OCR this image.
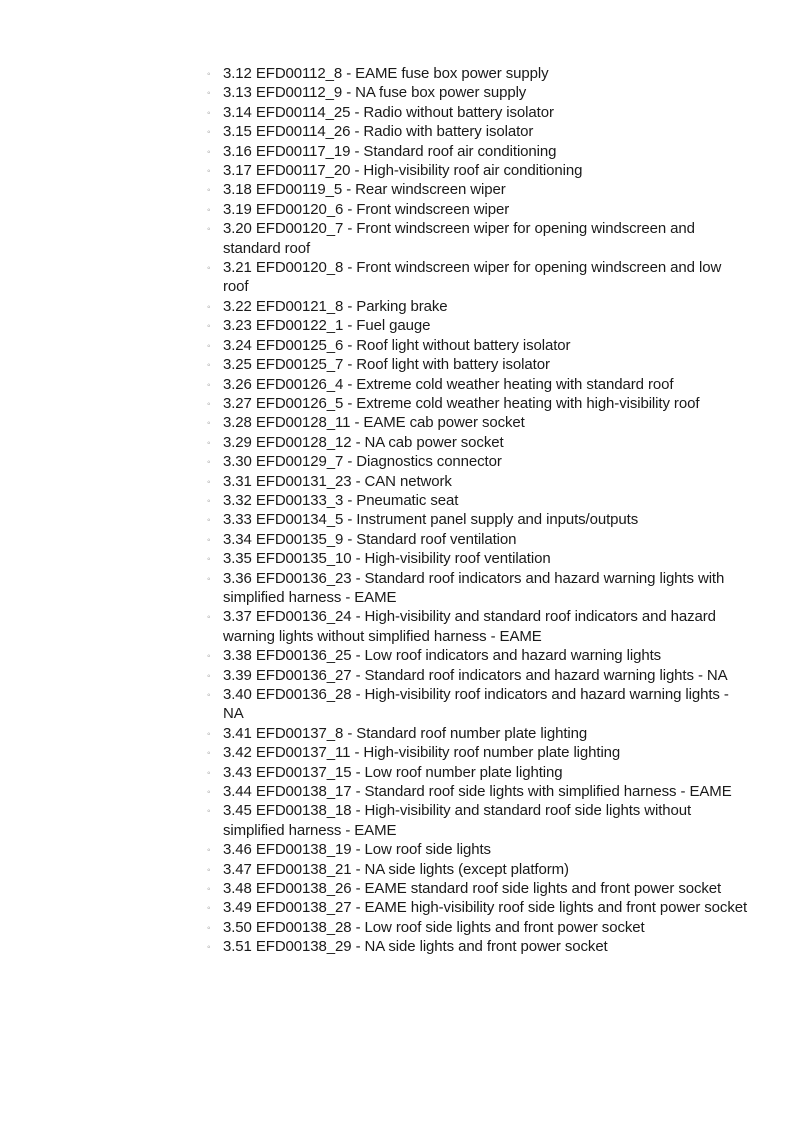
◦ 3.12 EFD00112_8 - EAME fuse box power supply
◦ 3.13 EFD00112_9 - NA fuse box power supply
◦ 3.14 EFD00114_25 - Radio without battery isolator
◦ 3.15 EFD00114_26 - Radio with battery isolator
◦ 3.16 EFD00117_19 - Standard roof air conditioning
◦ 3.17 EFD00117_20 - High-visibility roof air conditioning
◦ 3.18 EFD00119_5 - Rear windscreen wiper
◦ 3.19 EFD00120_6 - Front windscreen wiper
◦ 3.20 EFD00120_7 - Front windscreen wiper for opening windscreen and standard roof
◦ 3.21 EFD00120_8 - Front windscreen wiper for opening windscreen and low roof
◦ 3.22 EFD00121_8 - Parking brake
◦ 3.23 EFD00122_1 - Fuel gauge
◦ 3.24 EFD00125_6 - Roof light without battery isolator
◦ 3.25 EFD00125_7 - Roof light with battery isolator
◦ 3.26 EFD00126_4 - Extreme cold weather heating with standard roof
◦ 3.27 EFD00126_5 - Extreme cold weather heating with high-visibility roof
◦ 3.28 EFD00128_11 - EAME cab power socket
◦ 3.29 EFD00128_12 - NA cab power socket
◦ 3.30 EFD00129_7 - Diagnostics connector
◦ 3.31 EFD00131_23 - CAN network
◦ 3.32 EFD00133_3 - Pneumatic seat
◦ 3.33 EFD00134_5 - Instrument panel supply and inputs/outputs
◦ 3.34 EFD00135_9 - Standard roof ventilation
◦ 3.35 EFD00135_10 - High-visibility roof ventilation
◦ 3.36 EFD00136_23 - Standard roof indicators and hazard warning lights with simplified harness - EAME
◦ 3.37 EFD00136_24 - High-visibility and standard roof indicators and hazard warning lights without simplified harness - EAME
◦ 3.38 EFD00136_25 - Low roof indicators and hazard warning lights
◦ 3.39 EFD00136_27 - Standard roof indicators and hazard warning lights - NA
◦ 3.40 EFD00136_28 - High-visibility roof indicators and hazard warning lights - NA
◦ 3.41 EFD00137_8 - Standard roof number plate lighting
◦ 3.42 EFD00137_11 - High-visibility roof number plate lighting
◦ 3.43 EFD00137_15 - Low roof number plate lighting
◦ 3.44 EFD00138_17 - Standard roof side lights with simplified harness - EAME
◦ 3.45 EFD00138_18 - High-visibility and standard roof side lights without simplified harness - EAME
◦ 3.46 EFD00138_19 - Low roof side lights
◦ 3.47 EFD00138_21 - NA side lights (except platform)
◦ 3.48 EFD00138_26 - EAME standard roof side lights and front power socket
◦ 3.49 EFD00138_27 - EAME high-visibility roof side lights and front power socket
◦ 3.50 EFD00138_28 - Low roof side lights and front power socket
◦ 3.51 EFD00138_29 - NA side lights and front power socket
